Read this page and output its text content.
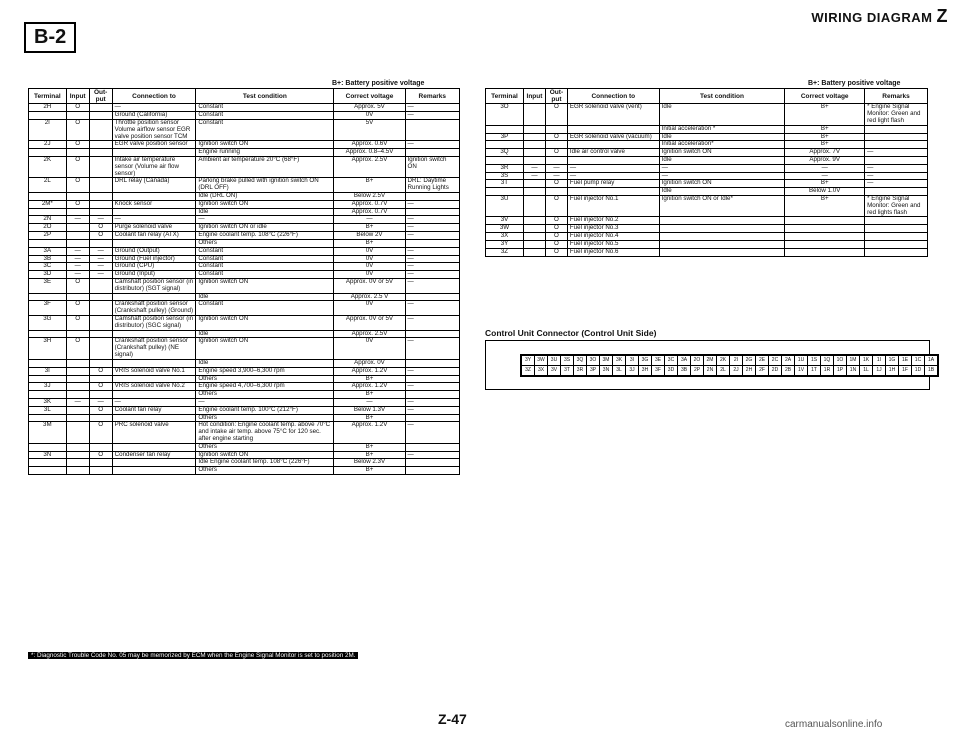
WIRING DIAGRAM Z
B-2
B+: Battery positive voltage	B+: Battery positive voltage
Terminal	Input	Out-put	Connection to	Test condition	Correct voltage	Remarks
2H	O		—	Constant	Approx. 5V	—
			Ground (California)	Constant	0V	—
2I	O		Throttle position sensor Volume airflow sensor EGR valve position sensor TCM	Constant	5V	
2J	O		EGR valve position sensor	Ignition switch ON	Approx. 0.6V	—
				Engine running	Approx. 0.8–4.5V	
2K	O		Intake air temperature sensor (Volume air flow sensor)	Ambient air temperature 20°C (68°F)	Approx. 2.5V	Ignition switch ON
2L	O		DRL relay (Canada)	Parking brake pulled with ignition switch ON (DRL OFF)	B+	DRL: Daytime Running Lights
				Idle (DRL ON)	Below 2.5V	
2M*	O		Knock sensor	Ignition switch ON	Approx. 0.7V	—
				Idle	Approx. 0.7V	
2N	—	—	—	—	—	—
2O		O	Purge solenoid valve	Ignition switch ON or idle	B+	—
2P		O	Coolant fan relay (ATX)	Engine coolant temp. 108°C (226°F)	Below 2V	—
				Others	B+	
3A	—	—	Ground (Output)	Constant	0V	—
3B	—	—	Ground (Fuel injector)	Constant	0V	—
3C	—	—	Ground (CPU)	Constant	0V	—
3D	—	—	Ground (Input)	Constant	0V	—
3E	O		Camshaft position sensor (in distributor) (SGT signal)	Ignition switch ON	Approx. 0V or 5V	—
				Idle	Approx. 2.5 V	
3F	O		Crankshaft position sensor (Crankshaft pulley) (Ground)	Constant	0V	—
3G	O		Camshaft position sensor (in distributor) (SGC signal)	Ignition switch ON	Approx. 0V or 5V	—
				Idle	Approx. 2.5V	
3H	O		Crankshaft position sensor (Crankshaft pulley) (NE signal)	Ignition switch ON	0V	—
				Idle	Approx. 0V	
3I		O	VRIS solenoid valve No.1	Engine speed 3,900–6,300 rpm	Approx. 1.2V	—
				Others	B+	
3J		O	VRIS solenoid valve No.2	Engine speed 4,700–6,300 rpm	Approx. 1.2V	—
				Others	B+	
3K	—	—	—	—	—	—
3L		O	Coolant fan relay	Engine coolant temp. 100°C (212°F)	Below 1.3V	—
				Others	B+	
3M		O	PRC solenoid valve	Hot condition: Engine coolant temp. above 70°C and intake air temp. above 75°C for 120 sec. after engine starting	Approx. 1.2V	—
				Others	B+	
3N		O	Condenser fan relay	Ignition switch ON	B+	—
				Idle Engine coolant temp. 108°C (226°F)	Below 2.3V	
				Others	B+	
Terminal	Input	Out-put	Connection to	Test condition	Correct voltage	Remarks
3O		O	EGR solenoid valve (vent)	Idle	B+	* Engine Signal Monitor: Green and red light flash
				Initial acceleration *	B+	
3P		O	EGR solenoid valve (vacuum)	Idle	B+	
				Initial acceleration*	B+	
3Q		O	Idle air control valve	Ignition switch ON	Approx. 7V	—
				Idle	Approx. 9V	
3R	—	—	—	—	—	—
3S	—	—	—	—	—	—
3T		O	Fuel pump relay	Ignition switch ON	B+	—
				Idle	Below 1.0V	
3U		O	Fuel injector No.1	Ignition switch ON or Idle*	B+	* Engine Signal Monitor: Green and red lights flash
3V		O	Fuel injector No.2			
3W		O	Fuel injector No.3			
3X		O	Fuel injector No.4			
3Y		O	Fuel injector No.5			
3Z		O	Fuel injector No.6			
*: Diagnostic Trouble Code No. 05 may be memorized by ECM when the Engine Signal Monitor is set to position 2M.
Control Unit Connector (Control Unit Side)
3Y	3W	3U	3S	3Q	3O	3M	3K	3I	3G	3E	3C	3A	2O	2M	2K	2I	2G	2E	2C	2A	1U	1S	1Q	1O	1M	1K	1I	1G	1E	1C	1A
3Z	3X	3V	3T	3R	3P	3N	3L	3J	3H	3F	3D	3B	2P	2N	2L	2J	2H	2F	2D	2B	1V	1T	1R	1P	1N	1L	1J	1H	1F	1D	1B
Z-47	carmanualsonline.info
